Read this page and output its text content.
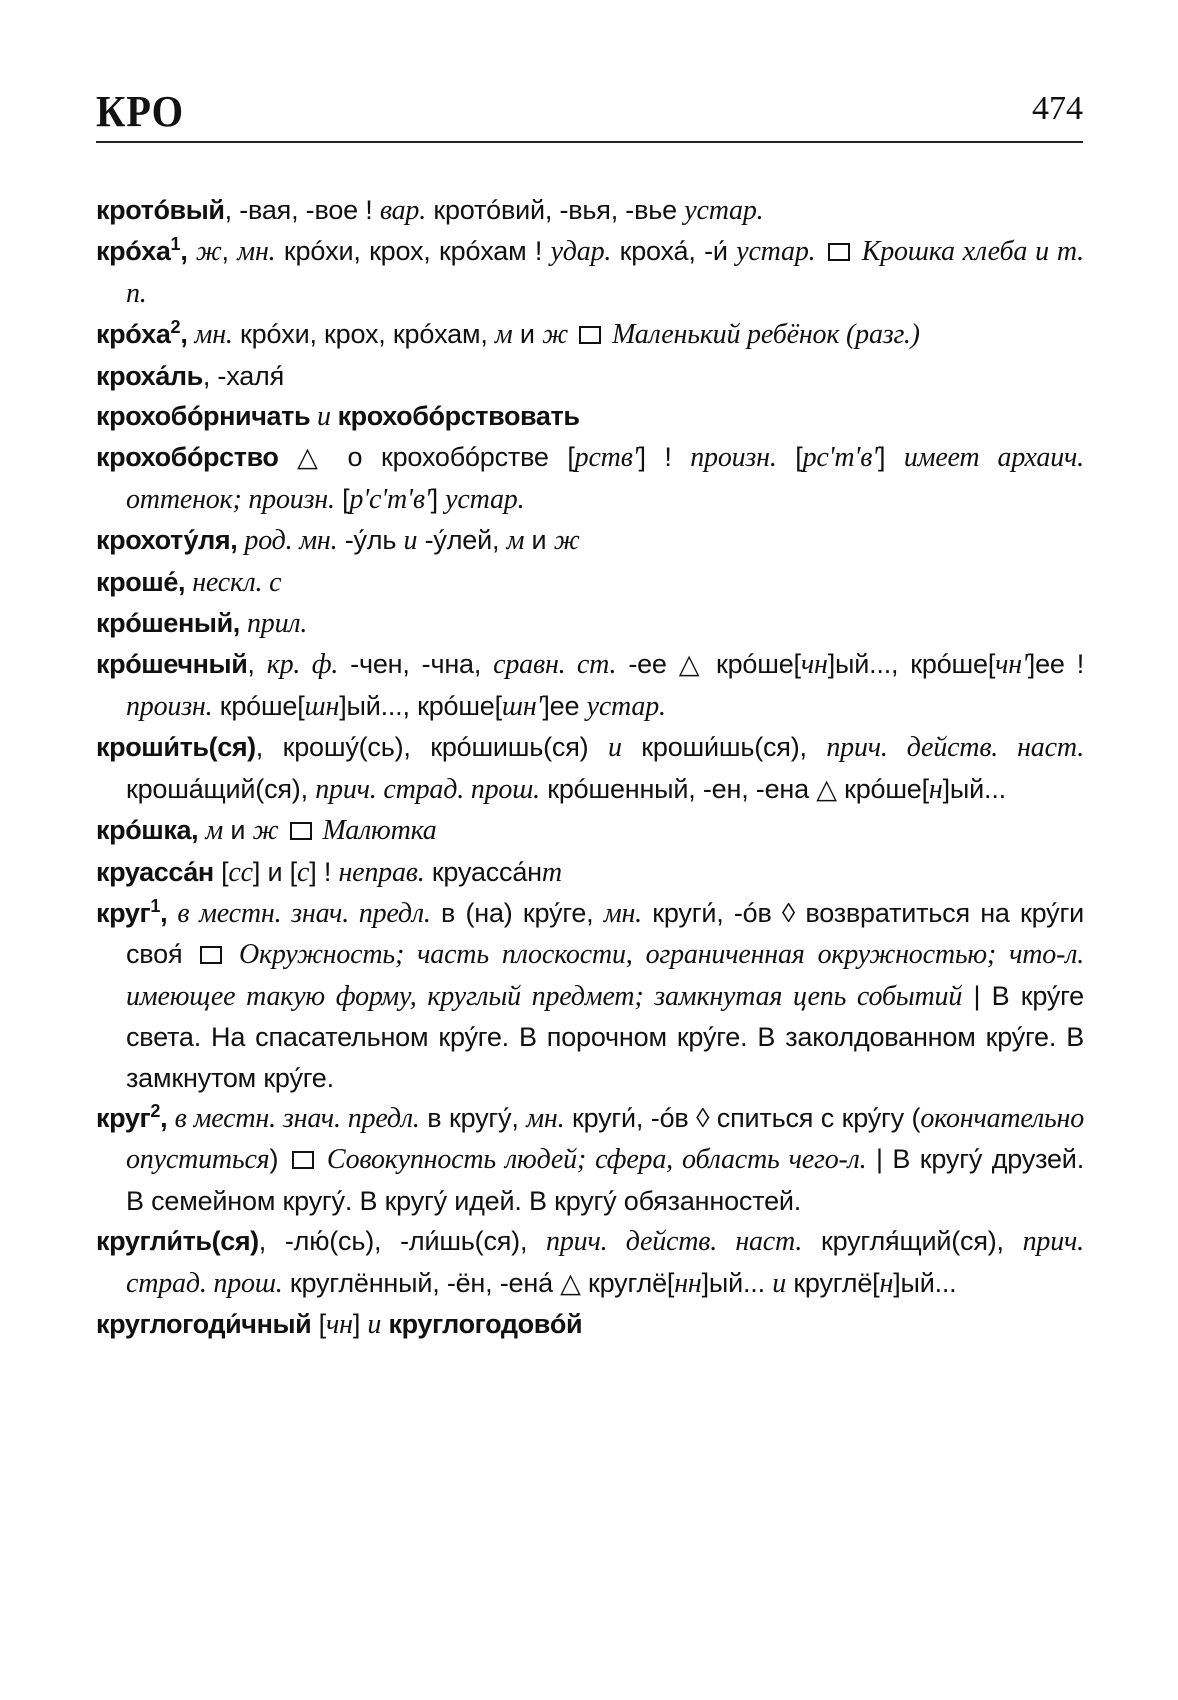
КРО	474
кротóвый, -вая, -вое ! вар. кротóвий, -вья, -вье устар.
крóха$^1$, ж, мн. крóхи, крох, крóхам ! удар. кроха́, -и́ устар.  Крошка хлеба и т. п.
крóха$^2$, мн. крóхи, крох, крóхам, м и ж  Маленький ребёнок (разг.)
кроха́ль, -халя́
крохобóрничать и крохобóрствовать
крохобóрство △ о крохобóрстве [рств'] ! произн. [рс'т'в'] имеет архаич. оттенок; произн. [р'с'т'в'] устар.
крохоту́ля, род. мн. -у́ль и -у́лей, м и ж
кроше́, нескл. с
крóшеный, прил.
крóшечный, кр. ф. -чен, -чна, сравн. ст. -ее △ крóше[чн]ый..., крóше[чн']ее ! произн. крóше[шн]ый..., крóше[шн']ее устар.
кроши́ть(ся), крошу́(сь), крóшишь(ся) и кроши́шь(ся), прич. действ. наст. кроша́щий(ся), прич. страд. прош. крóшенный, -ен, -ена △ крóше[н]ый...
крóшка, м и ж  Малютка
круасса́н [сс] и [с] ! неправ. круасса́нт
круг$^1$, в местн. знач. предл. в (на) кру́ге, мн. круги́, -óв ◊ возвратиться на кру́ги своя́  Окружность; часть плоскости, ограниченная окружностью; что-л. имеющее такую форму, круглый предмет; замкнутая цепь событий | В кру́ге света. На спасательном кру́ге. В порочном кру́ге. В заколдованном кру́ге. В замкнутом кру́ге.
круг$^2$, в местн. знач. предл. в кругу́, мн. круги́, -óв ◊ спиться с кру́гу (окончательно опуститься)  Совокупность людей; сфера, область чего-л. | В кругу́ друзей. В семейном кругу́. В кругу́ идей. В кругу́ обязанностей.
кругли́ть(ся), -лю́(сь), -ли́шь(ся), прич. действ. наст. кругля́щий(ся), прич. страд. прош. круглённый, -ён, -ена́ △ круглё[нн]ый... и круглё[н]ый...
круглогоди́чный [чн] и круглогодовóй
